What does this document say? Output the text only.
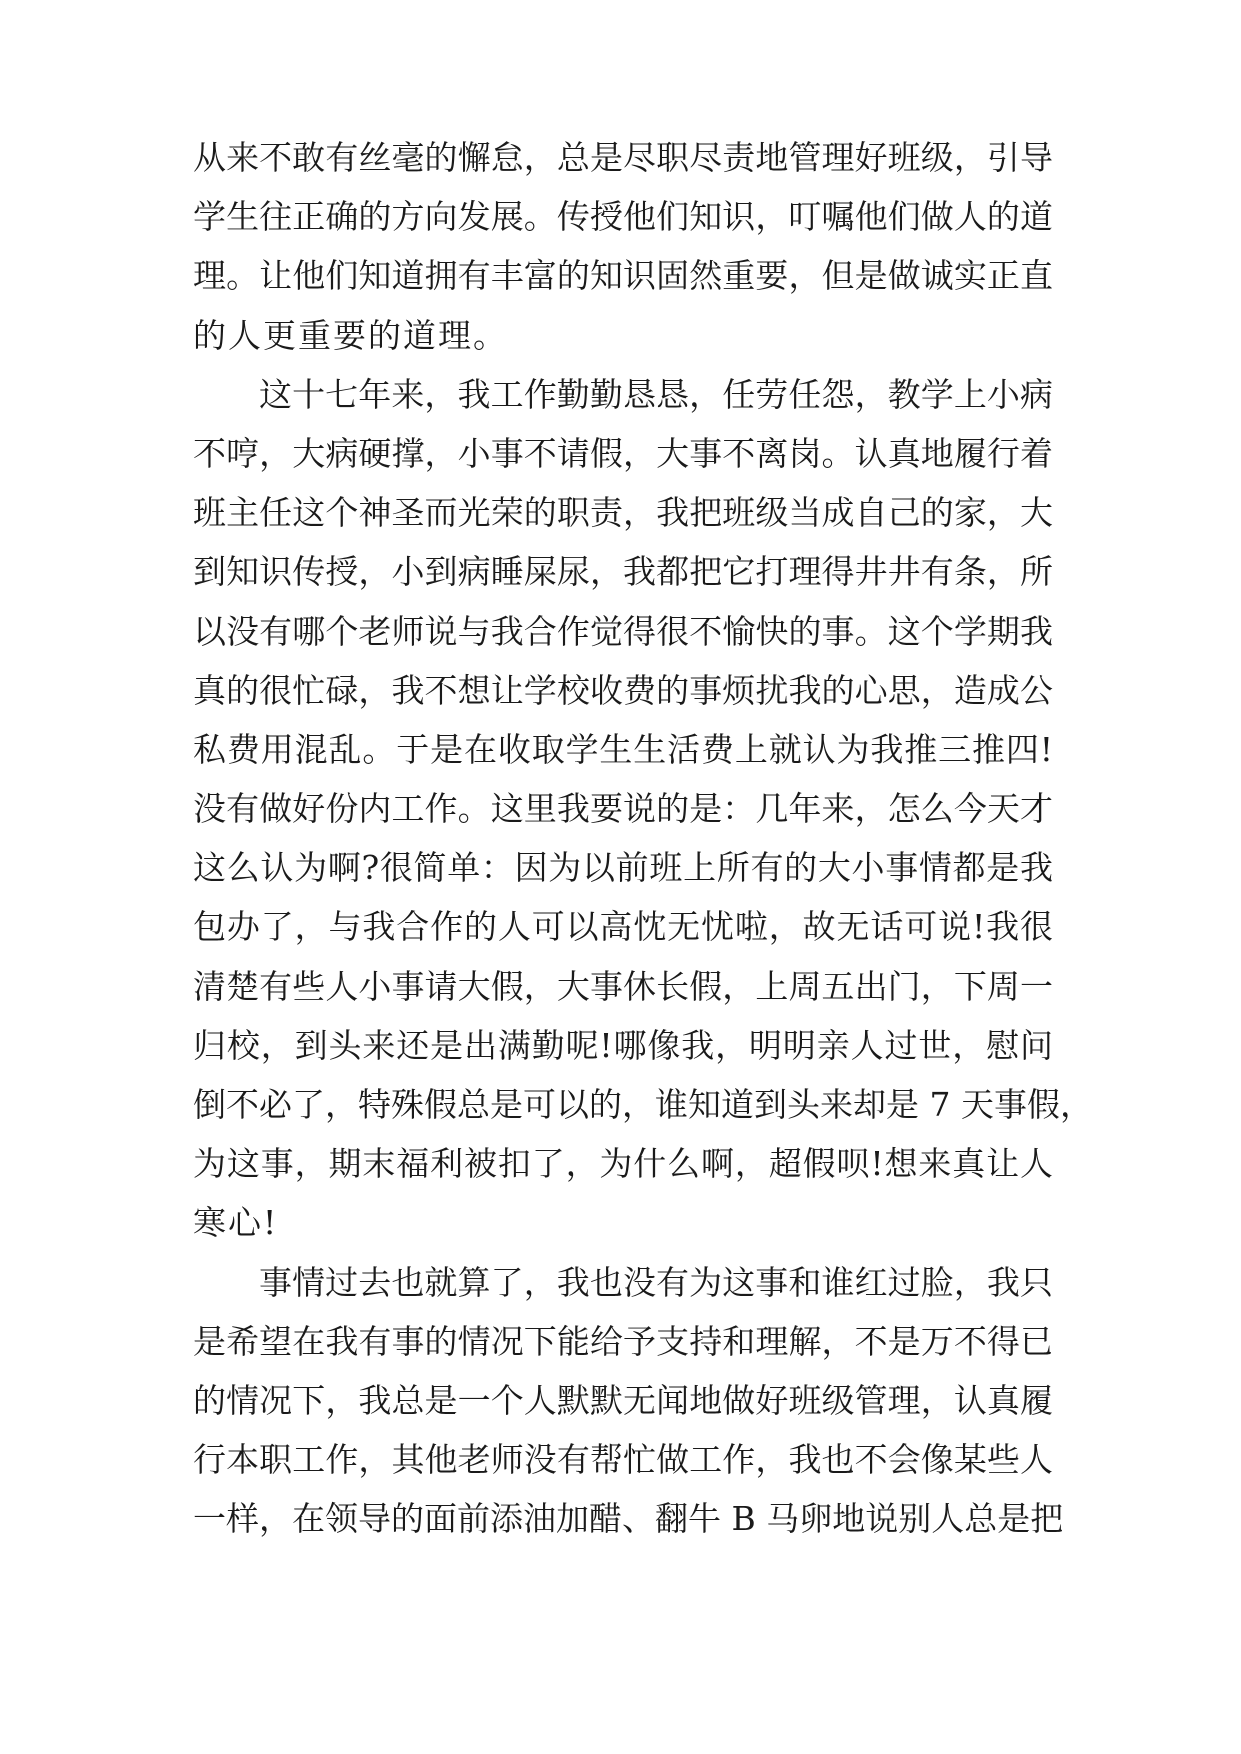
从来不敢有丝毫的懈怠，总是尽职尽责地管理好班级，引导
学生往正确的方向发展。传授他们知识，叮嘱他们做人的道
理。让他们知道拥有丰富的知识固然重要，但是做诚实正直
的人更重要的道理。
这十七年来，我工作勤勤恳恳，任劳任怨，教学上小病
不哼，大病硬撑，小事不请假，大事不离岗。认真地履行着
班主任这个神圣而光荣的职责，我把班级当成自己的家，大
到知识传授，小到病睡屎尿，我都把它打理得井井有条，所
以没有哪个老师说与我合作觉得很不愉快的事。这个学期我
真的很忙碌，我不想让学校收费的事烦扰我的心思，造成公
私费用混乱。于是在收取学生生活费上就认为我推三推四!
没有做好份内工作。这里我要说的是：几年来，怎么今天才
这么认为啊?很简单：因为以前班上所有的大小事情都是我
包办了，与我合作的人可以高忱无忧啦，故无话可说!我很
清楚有些人小事请大假，大事休长假，上周五出门，下周一
归校，到头来还是出满勤呢!哪像我，明明亲人过世，慰问
倒不必了，特殊假总是可以的，谁知道到头来却是 7 天事假，
为这事，期末福利被扣了，为什么啊，超假呗!想来真让人
寒心!
事情过去也就算了，我也没有为这事和谁红过脸，我只
是希望在我有事的情况下能给予支持和理解，不是万不得已
的情况下，我总是一个人默默无闻地做好班级管理，认真履
行本职工作，其他老师没有帮忙做工作，我也不会像某些人
一样，在领导的面前添油加醋、翻牛 B 马卵地说别人总是把
